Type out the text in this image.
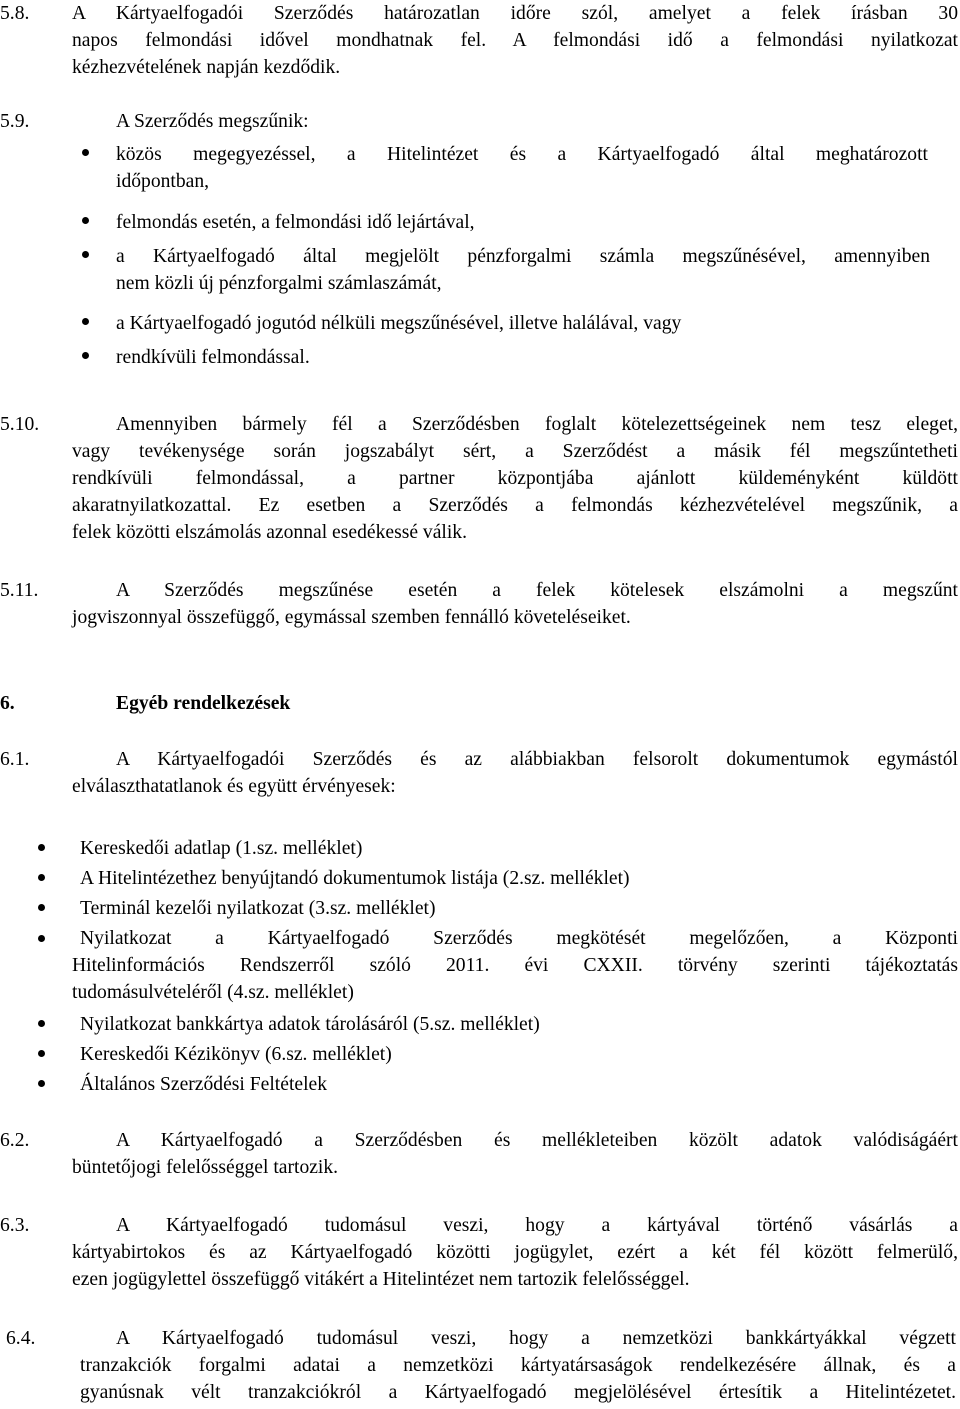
5.8. A Kártyaelfogadói Szerződés határozatlan időre szól, amelyet a felek írásban 30
napos felmondási idővel mondhatnak fel. A felmondási idő a felmondási nyilatkozat
kézhezvételének napján kezdődik.
5.9.	A Szerződés megszűnik:
közös megegyezéssel, a Hitelintézet és a Kártyaelfogadó által meghatározott
időpontban,
felmondás esetén, a felmondási idő lejártával,
a Kártyaelfogadó által megjelölt pénzforgalmi számla megszűnésével, amennyiben
nem közli új pénzforgalmi számlaszámát,
a Kártyaelfogadó jogutód nélküli megszűnésével, illetve halálával, vagy
rendkívüli felmondással.
5.10.	Amennyiben bármely fél a Szerződésben foglalt kötelezettségeinek nem tesz eleget,
vagy tevékenysége során jogszabályt sért, a Szerződést a másik fél megszűntetheti
rendkívüli felmondással, a partner központjába ajánlott küldeményként küldött
akaratnyilatkozattal. Ez esetben a Szerződés a felmondás kézhezvételével megszűnik, a
felek közötti elszámolás azonnal esedékessé válik.
5.11.	A Szerződés megszűnése esetén a felek kötelesek elszámolni a megszűnt
jogviszonnyal összefüggő, egymással szemben fennálló követeléseiket.
6.	Egyéb rendelkezések
6.1.	A Kártyaelfogadói Szerződés és az alábbiakban felsorolt dokumentumok egymástól
elválaszthatatlanok és együtt érvényesek:
Kereskedői adatlap (1.sz. melléklet)
A Hitelintézethez benyújtandó dokumentumok listája (2.sz. melléklet)
Terminál kezelői nyilatkozat (3.sz. melléklet)
Nyilatkozat a Kártyaelfogadó Szerződés megkötését megelőzően, a Központi
Hitelinformációs Rendszerről szóló 2011. évi CXXII. törvény szerinti tájékoztatás
tudomásulvételéről (4.sz. melléklet)
Nyilatkozat bankkártya adatok tárolásáról (5.sz. melléklet)
Kereskedői Kézikönyv (6.sz. melléklet)
Általános Szerződési Feltételek
6.2.	A Kártyaelfogadó a Szerződésben és mellékleteiben közölt adatok valódiságáért
büntetőjogi felelősséggel tartozik.
6.3.	A Kártyaelfogadó tudomásul veszi, hogy a kártyával történő vásárlás a
kártyabirtokos és az Kártyaelfogadó közötti jogügylet, ezért a két fél között felmerülő,
ezen jogügylettel összefüggő vitákért a Hitelintézet nem tartozik felelősséggel.
6.4.	A Kártyaelfogadó tudomásul veszi, hogy a nemzetközi bankkártyákkal végzett
tranzakciók forgalmi adatai a nemzetközi kártyatársaságok rendelkezésére állnak, és a
gyanúsnak vélt tranzakciókról a Kártyaelfogadó megjelölésével értesítik a Hitelintézetet.
